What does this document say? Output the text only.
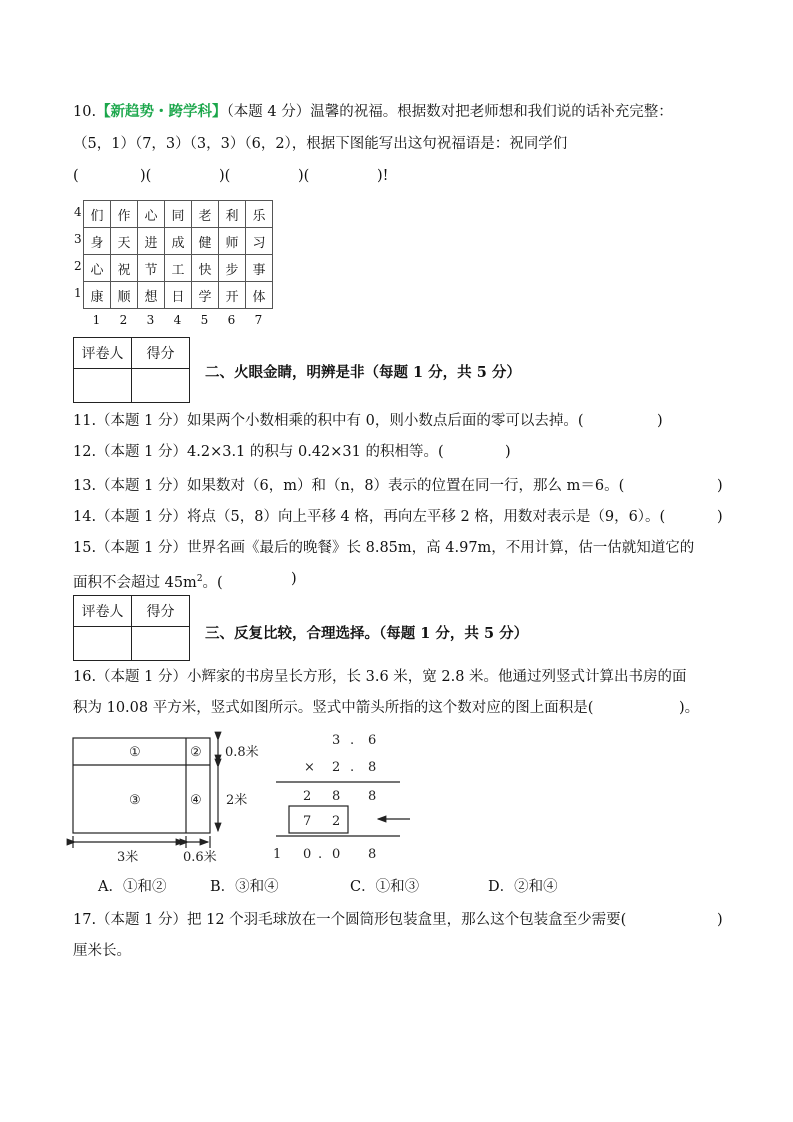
10.【新趋势・跨学科】（本题 4 分）温馨的祝福。根据数对把老师想和我们说的话补充完整：
（5，1）（7，3）（3，3）（6，2），根据下图能写出这句祝福语是：祝同学们
(	)(	)(	)(	)!
们	作	心	同	老	利	乐
身	天	进	成	健	师	习
心	祝	节	工	快	步	事
康	顺	想	日	学	开	体
4
3
2
1
1	2	3	4	5	6	7
评卷人	得分

二、火眼金睛，明辨是非（每题 1 分，共 5 分）
11.（本题 1 分）如果两个小数相乘的积中有 0，则小数点后面的零可以去掉。(	)
12.（本题 1 分）4.2×3.1 的积与 0.42×31 的积相等。(	)
13.（本题 1 分）如果数对（6，m）和（n，8）表示的位置在同一行，那么 m＝6。(	)
14.（本题 1 分）将点（5，8）向上平移 4 格，再向左平移 2 格，用数对表示是（9，6）。(	)
15.（本题 1 分）世界名画《最后的晚餐》长 8.85m，高 4.97m，不用计算，估一估就知道它的
面积不会超过 $45m^2$。(	)
评卷人	得分

三、反复比较，合理选择。（每题 1 分，共 5 分）
16.（本题 1 分）小辉家的书房呈长方形，长 3.6 米，宽 2.8 米。他通过列竖式计算出书房的面
积为 10.08 平方米，竖式如图所示。竖式中箭头所指的这个数对应的图上面积是(	)。
①	②
③	④
0.8米
2米
3米	0.6米
3 . 6
× 2 . 8
2 8 8
7 2
1 0 . 0 8
A．①和②	B．③和④	C．①和③	D．②和④
17.（本题 1 分）把 12 个羽毛球放在一个圆筒形包装盒里，那么这个包装盒至少需要(	)
厘米长。
